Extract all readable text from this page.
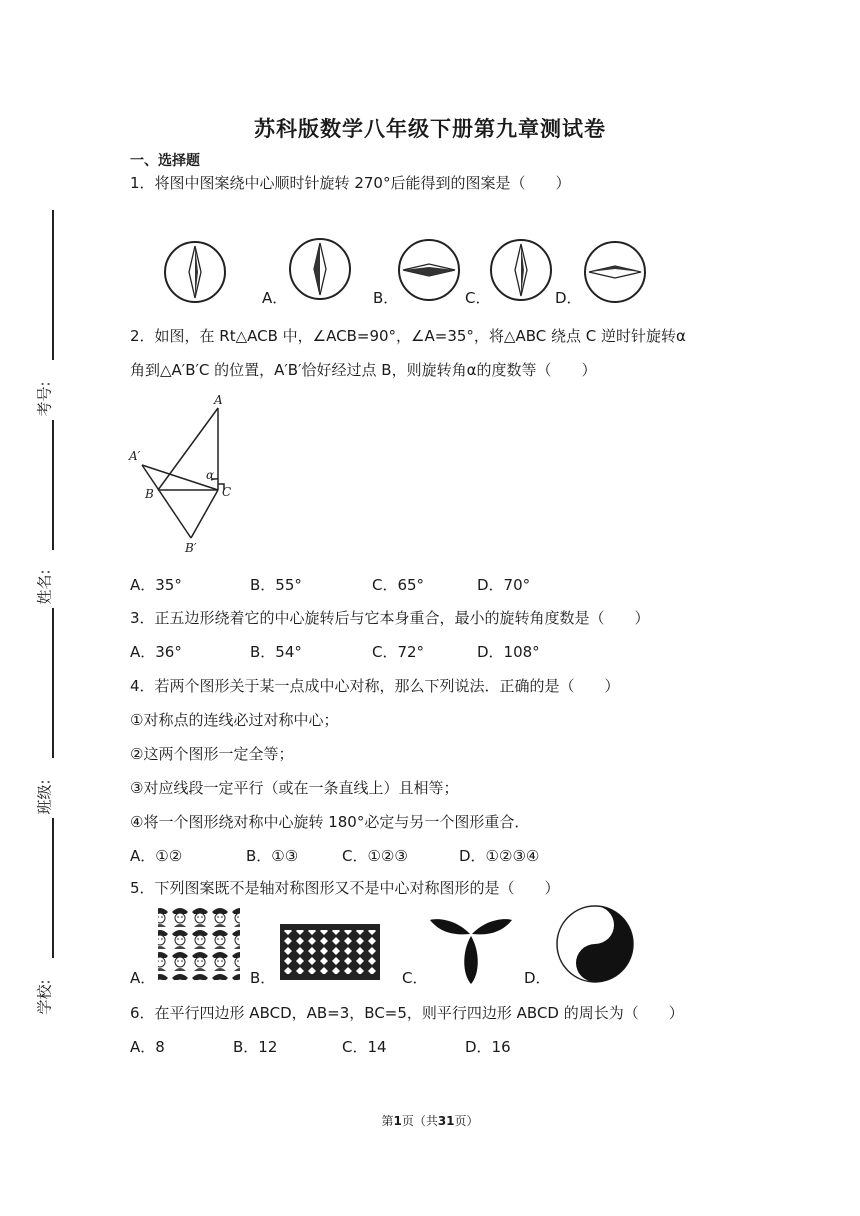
苏科版数学八年级下册第九章测试卷
考号:
姓名:
班级:
学校:
一、选择题
1．将图中图案绕中心顺时针旋转 270°后能得到的图案是（　　）
A．	B．	C．	D．
2．如图，在 Rt△ACB 中，∠ACB=90°，∠A=35°，将△ABC 绕点 C 逆时针旋转α
角到△A′B′C 的位置，A′B′恰好经过点 B，则旋转角α的度数等（　　）
A
A′
B	C
B′
α
A．35°	B．55°	C．65°	D．70°
3．正五边形绕着它的中心旋转后与它本身重合，最小的旋转角度数是（　　）
A．36°	B．54°	C．72°	D．108°
4．若两个图形关于某一点成中心对称，那么下列说法．正确的是（　　）
①对称点的连线必过对称中心；
②这两个图形一定全等；
③对应线段一定平行（或在一条直线上）且相等；
④将一个图形绕对称中心旋转 180°必定与另一个图形重合．
A．①②	B．①③	C．①②③	D．①②③④
5．下列图案既不是轴对称图形又不是中心对称图形的是（　　）
A．	B．	C．	D．
6．在平行四边形 ABCD，AB=3，BC=5，则平行四边形 ABCD 的周长为（　　）
A．8	B．12	C．14	D．16
第1页（共31页）
